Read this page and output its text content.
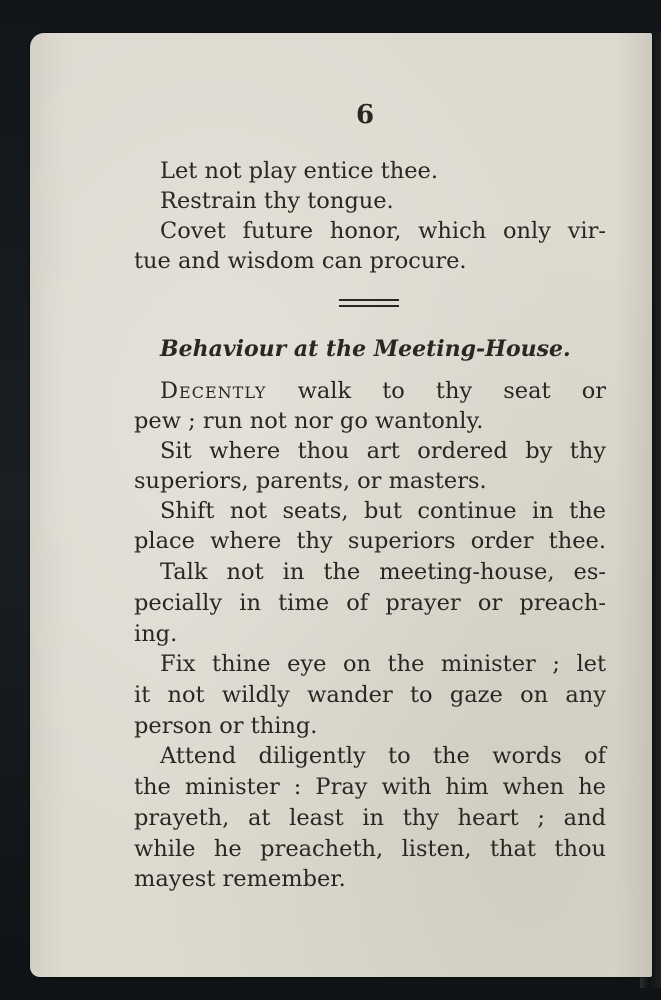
6
Let not play entice thee.
Restrain thy tongue.
Covet future honor, which only vir-
tue and wisdom can procure.
Behaviour at the Meeting-House.
Decently walk to thy seat or
pew ; run not nor go wantonly.
Sit where thou art ordered by thy
superiors, parents, or masters.
Shift not seats, but continue in the
place where thy superiors order thee.
Talk not in the meeting-house, es-
pecially in time of prayer or preach-
ing.
Fix thine eye on the minister ; let
it not wildly wander to gaze on any
person or thing.
Attend diligently to the words of
the minister : Pray with him when he
prayeth, at least in thy heart ; and
while he preacheth, listen, that thou
mayest remember.
